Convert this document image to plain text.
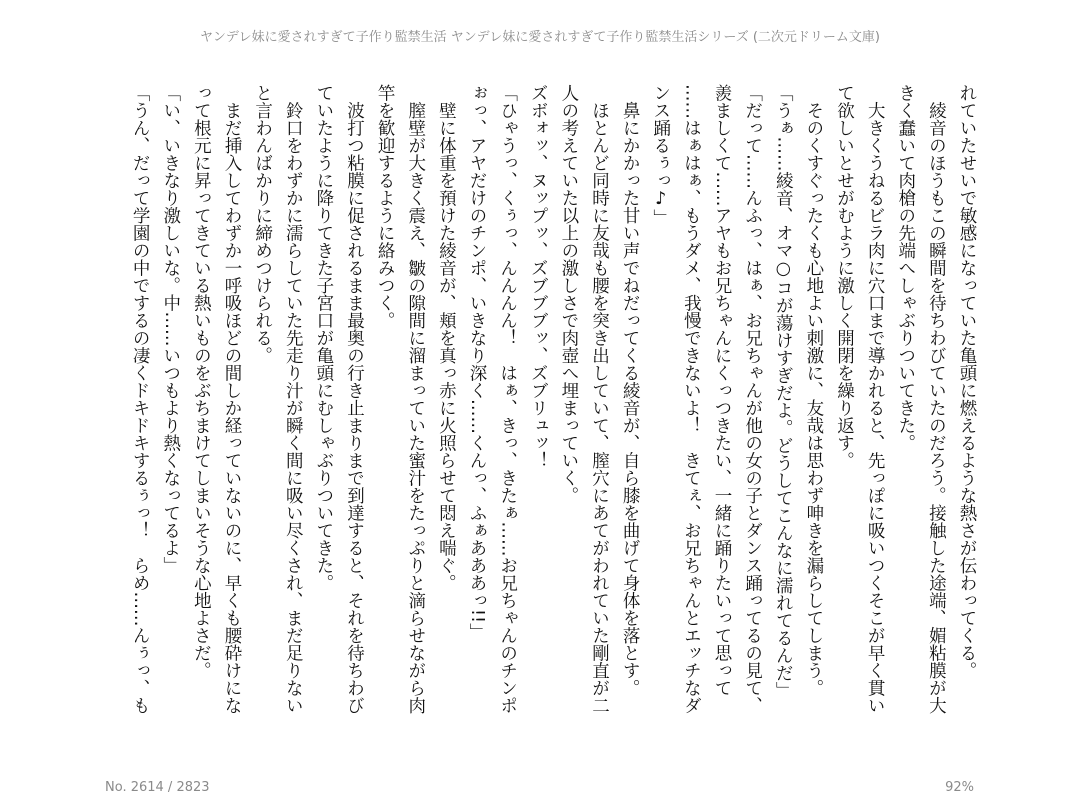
ヤンデレ妹に愛されすぎて子作り監禁生活 ヤンデレ妹に愛されすぎて子作り監禁生活シリーズ (二次元ドリーム文庫)
れていたせいで敏感になっていた亀頭に燃えるような熱さが伝わってくる。
　綾音のほうもこの瞬間を待ちわびていたのだろう。接触した途端、媚粘膜が大
きく蠢いて肉槍の先端へしゃぶりついてきた。
　大きくうねるビラ肉に穴口まで導かれると、先っぽに吸いつくそこが早く貫い
て欲しいとせがむように激しく開閉を繰り返す。
　そのくすぐったくも心地よい刺激に、友哉は思わず呻きを漏らしてしまう。
「うぁ……綾音、オマ○コが蕩けすぎだよ。どうしてこんなに濡れてるんだ」
「だって……んふっ、はぁ、お兄ちゃんが他の女の子とダンス踊ってるの見て、
羨ましくて……アヤもお兄ちゃんにくっつきたい、一緒に踊りたいって思って
……はぁはぁ、もうダメ、我慢できないよ！　きてぇ、お兄ちゃんとエッチなダ
ンス踊るぅっ♪」
　鼻にかかった甘い声でねだってくる綾音が、自ら膝を曲げて身体を落とす。
　ほとんど同時に友哉も腰を突き出していて、膣穴にあてがわれていた剛直が二
人の考えていた以上の激しさで肉壺へ埋まっていく。
ズボォッ、ヌップッ、ズブブブッ、ズブリュッ！
「ひゃうっ、くぅっ、んんんん！　はぁ、きっ、きたぁ……お兄ちゃんのチンポ
ぉっ、アヤだけのチンポ、いきなり深く……くんっ、ふぁあああっ!!」
　壁に体重を預けた綾音が、頬を真っ赤に火照らせて悶え喘ぐ。
　膣壁が大きく震え、皺の隙間に溜まっていた蜜汁をたっぷりと滴らせながら肉
竿を歓迎するように絡みつく。
　波打つ粘膜に促されるまま最奥の行き止まりまで到達すると、それを待ちわび
ていたように降りてきた子宮口が亀頭にむしゃぶりついてきた。
　鈴口をわずかに濡らしていた先走り汁が瞬く間に吸い尽くされ、まだ足りない
と言わんばかりに締めつけられる。
　まだ挿入してわずか一呼吸ほどの間しか経っていないのに、早くも腰砕けにな
って根元に昇ってきている熱いものをぶちまけてしまいそうな心地よさだ。
「い、いきなり激しいな。中……いつもより熱くなってるよ」
「うん、だって学園の中でするの凄くドキドキするぅっ！　らめ……んぅっ、も
No. 2614 / 2823	92%
